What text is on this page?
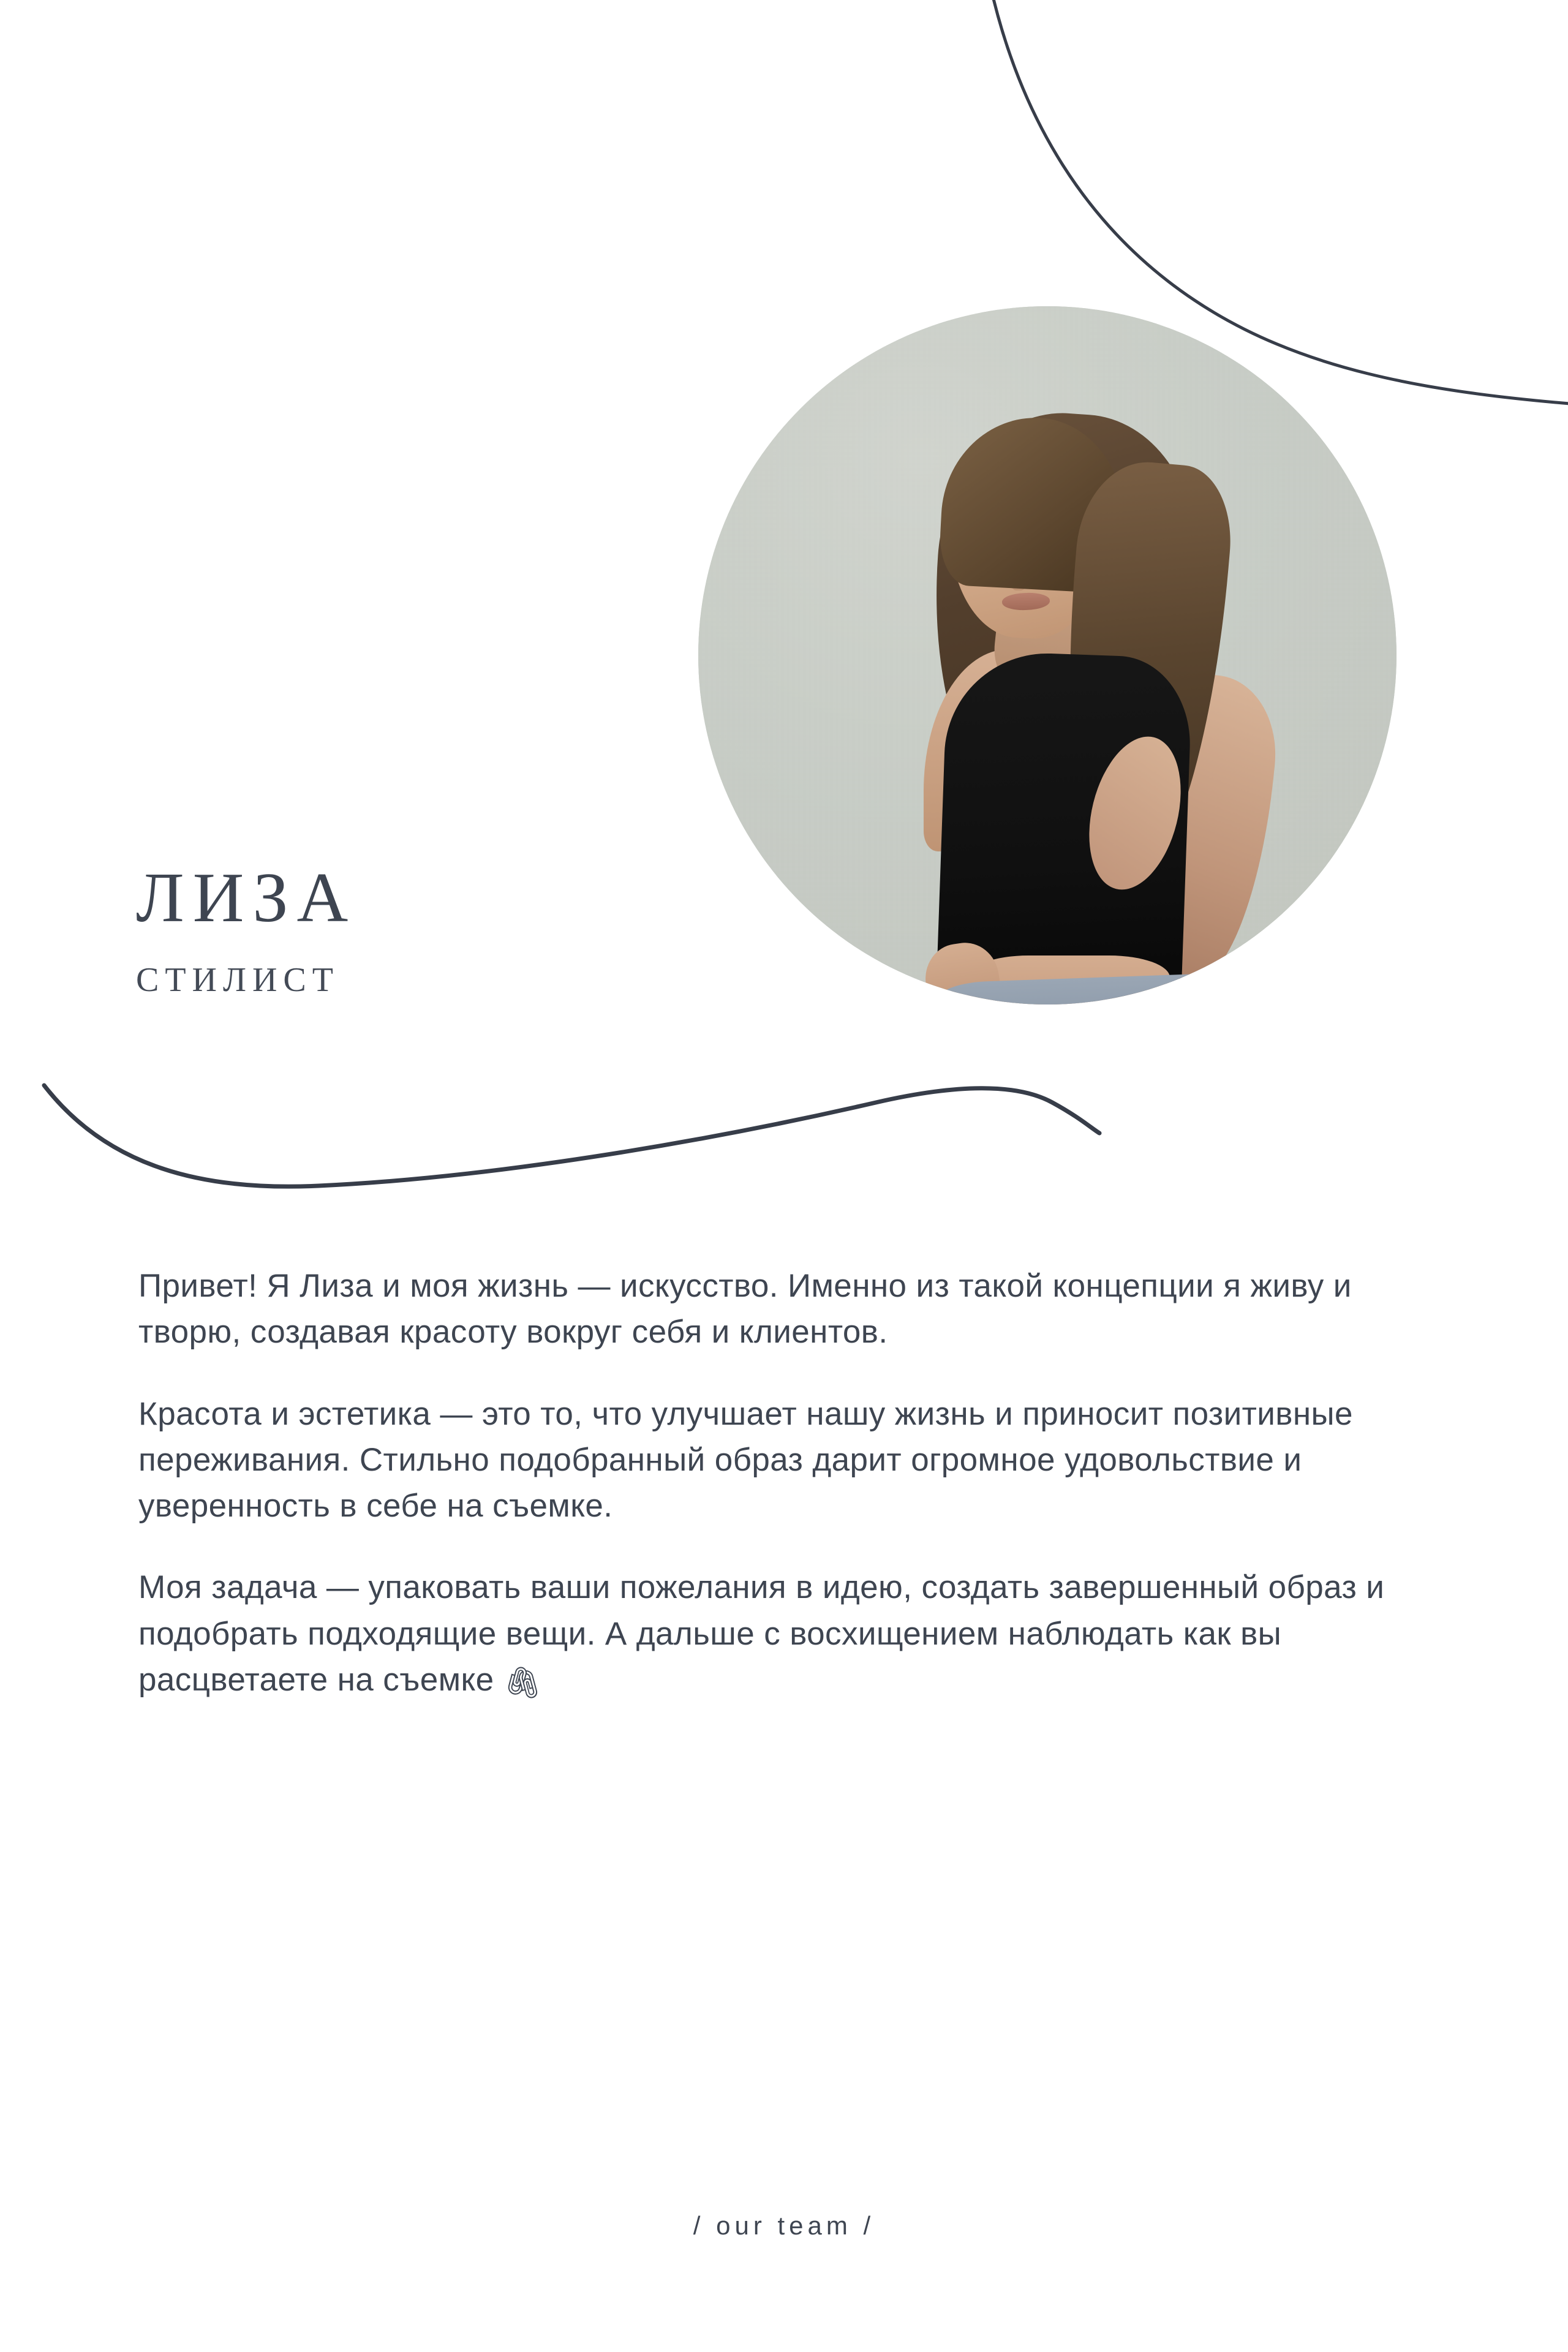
ЛИЗА
СТИЛИСТ

Привет! Я Лиза и моя жизнь — искусство. Именно из такой концепции я живу и творю, создавая красоту вокруг себя и клиентов.

Красота и эстетика — это то, что улучшает нашу жизнь и приносит позитивные переживания. Стильно подобранный образ дарит огромное удовольствие и уверенность в себе на съемке.

Моя задача — упаковать ваши пожелания в идею, создать завершенный образ и подобрать подходящие вещи. А дальше с восхищением наблюдать как вы расцветаете на съемке 🖇

/ our team /
